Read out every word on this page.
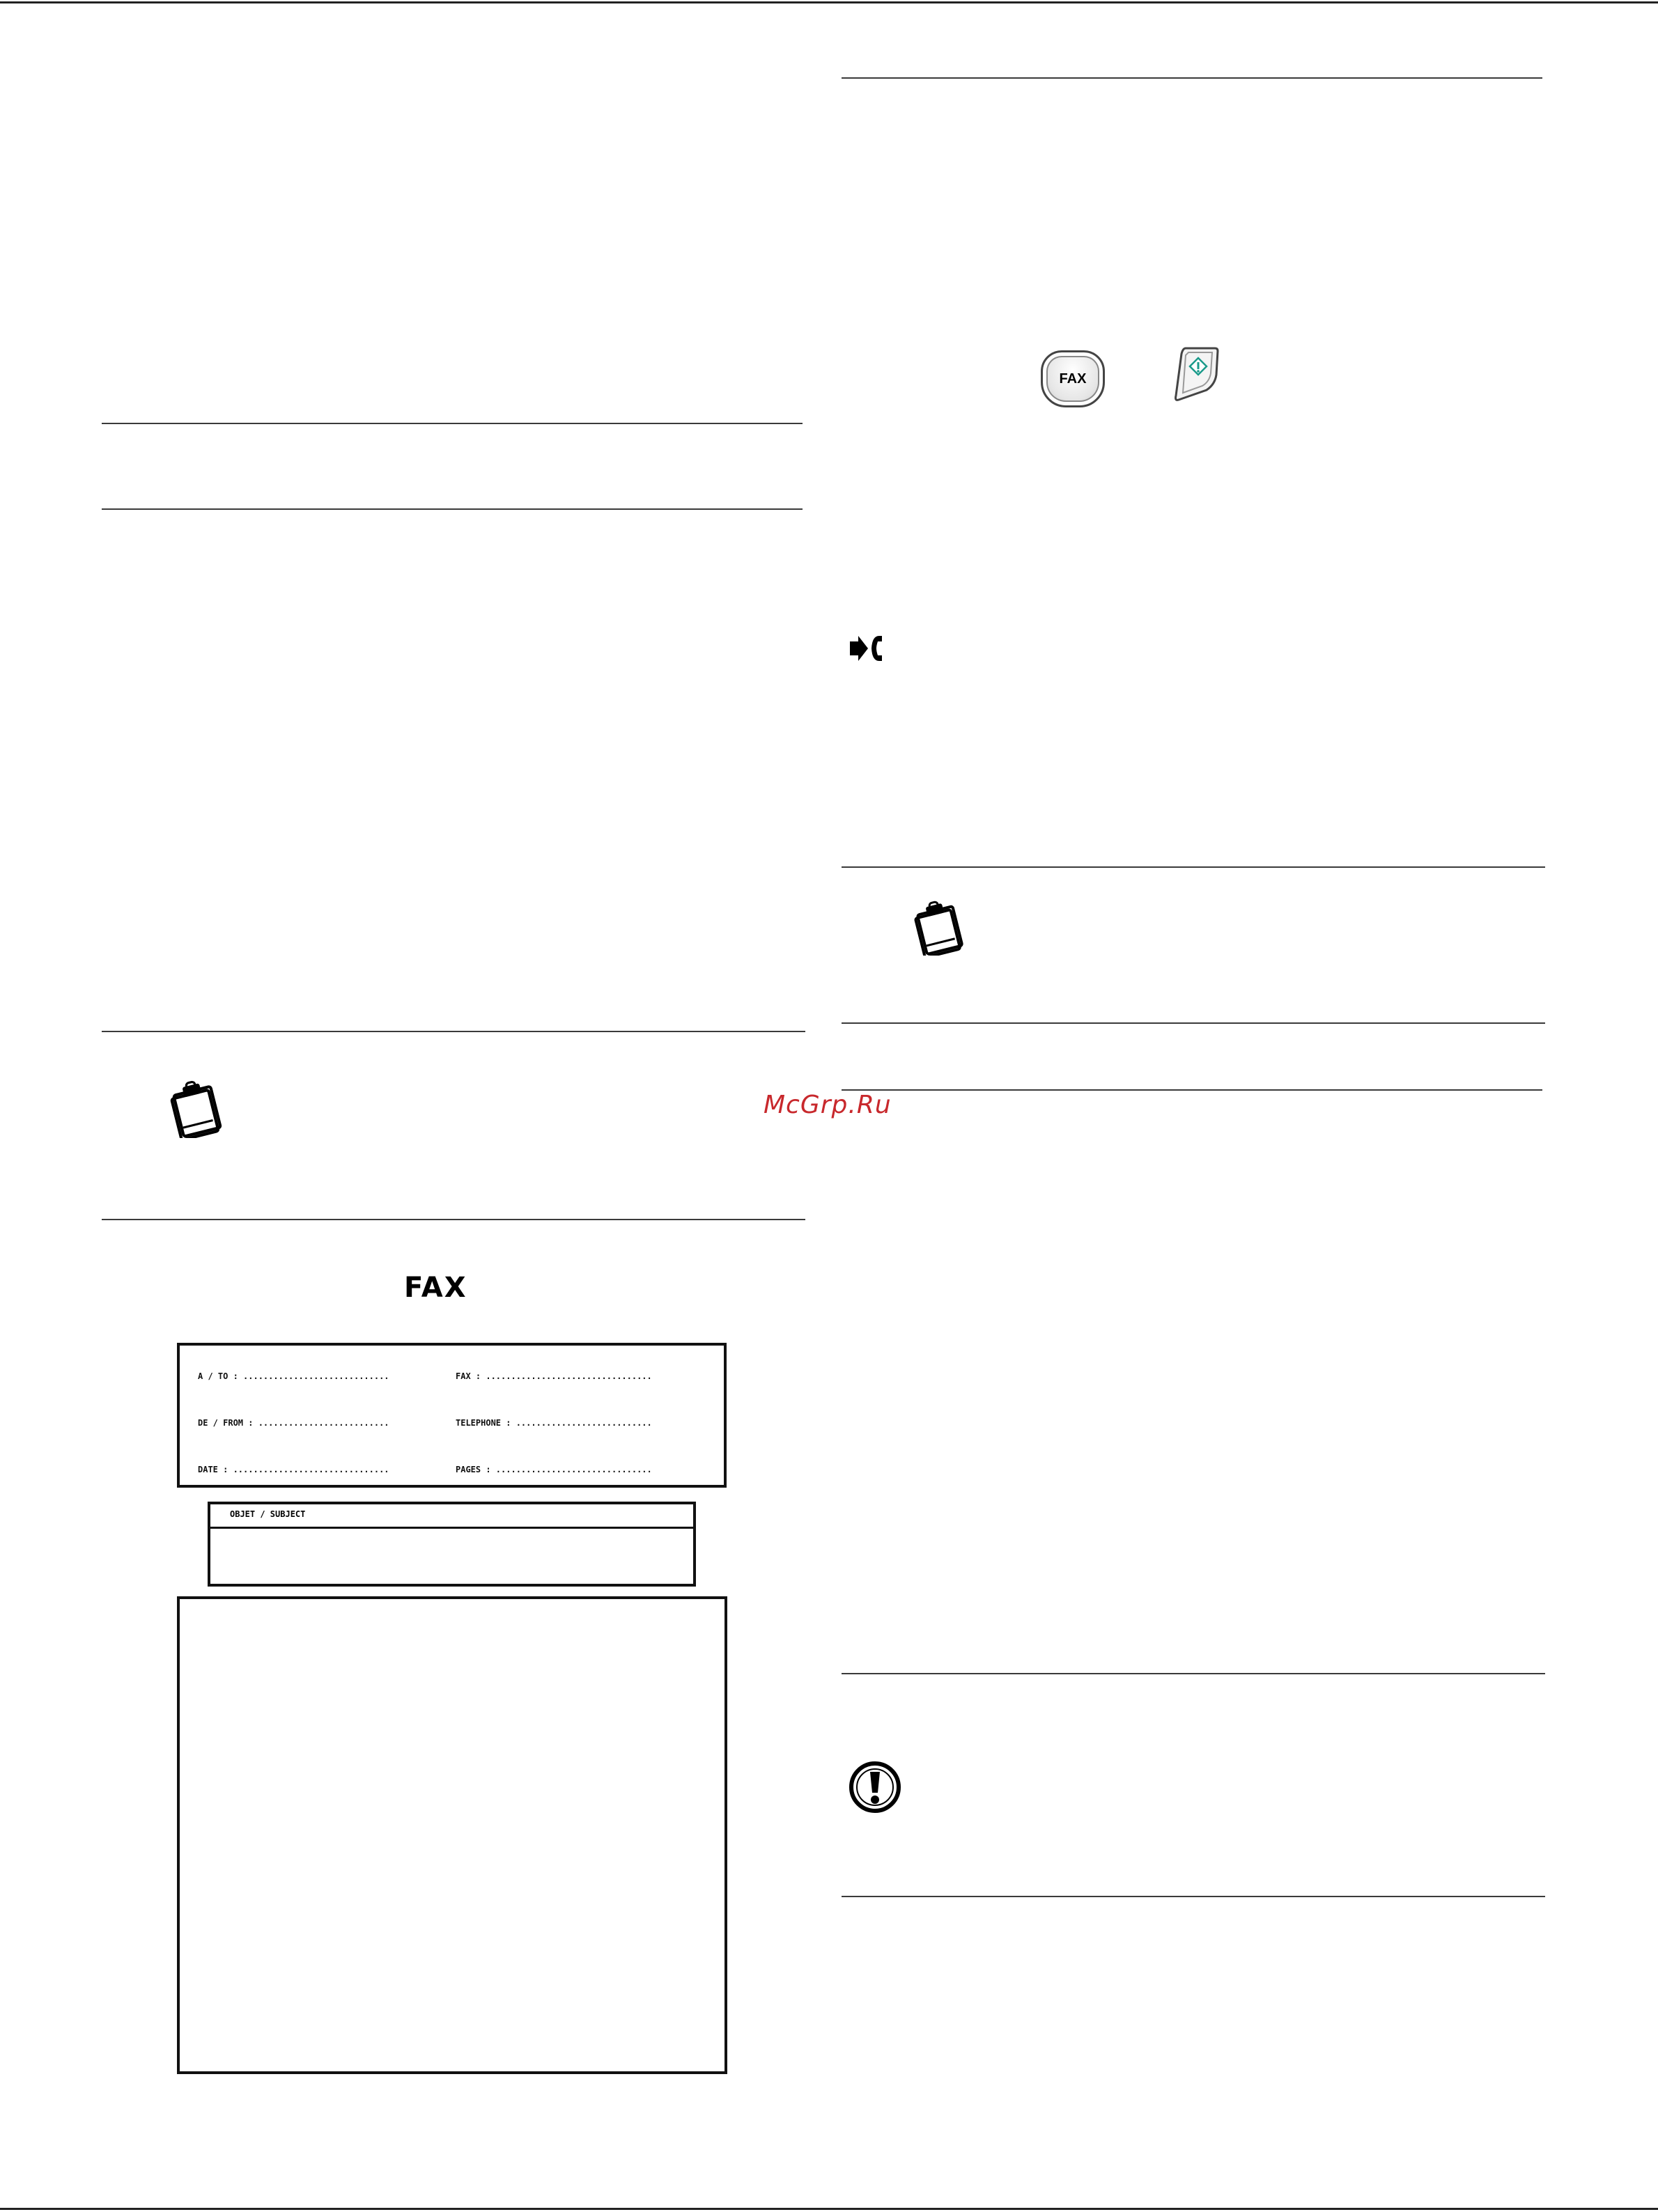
FAX
McGrp.Ru
FAX
A / TO : .............................	FAX : .................................
DE / FROM : ..........................	TELEPHONE : ...........................
DATE : ...............................	PAGES : ...............................
OBJET / SUBJECT
